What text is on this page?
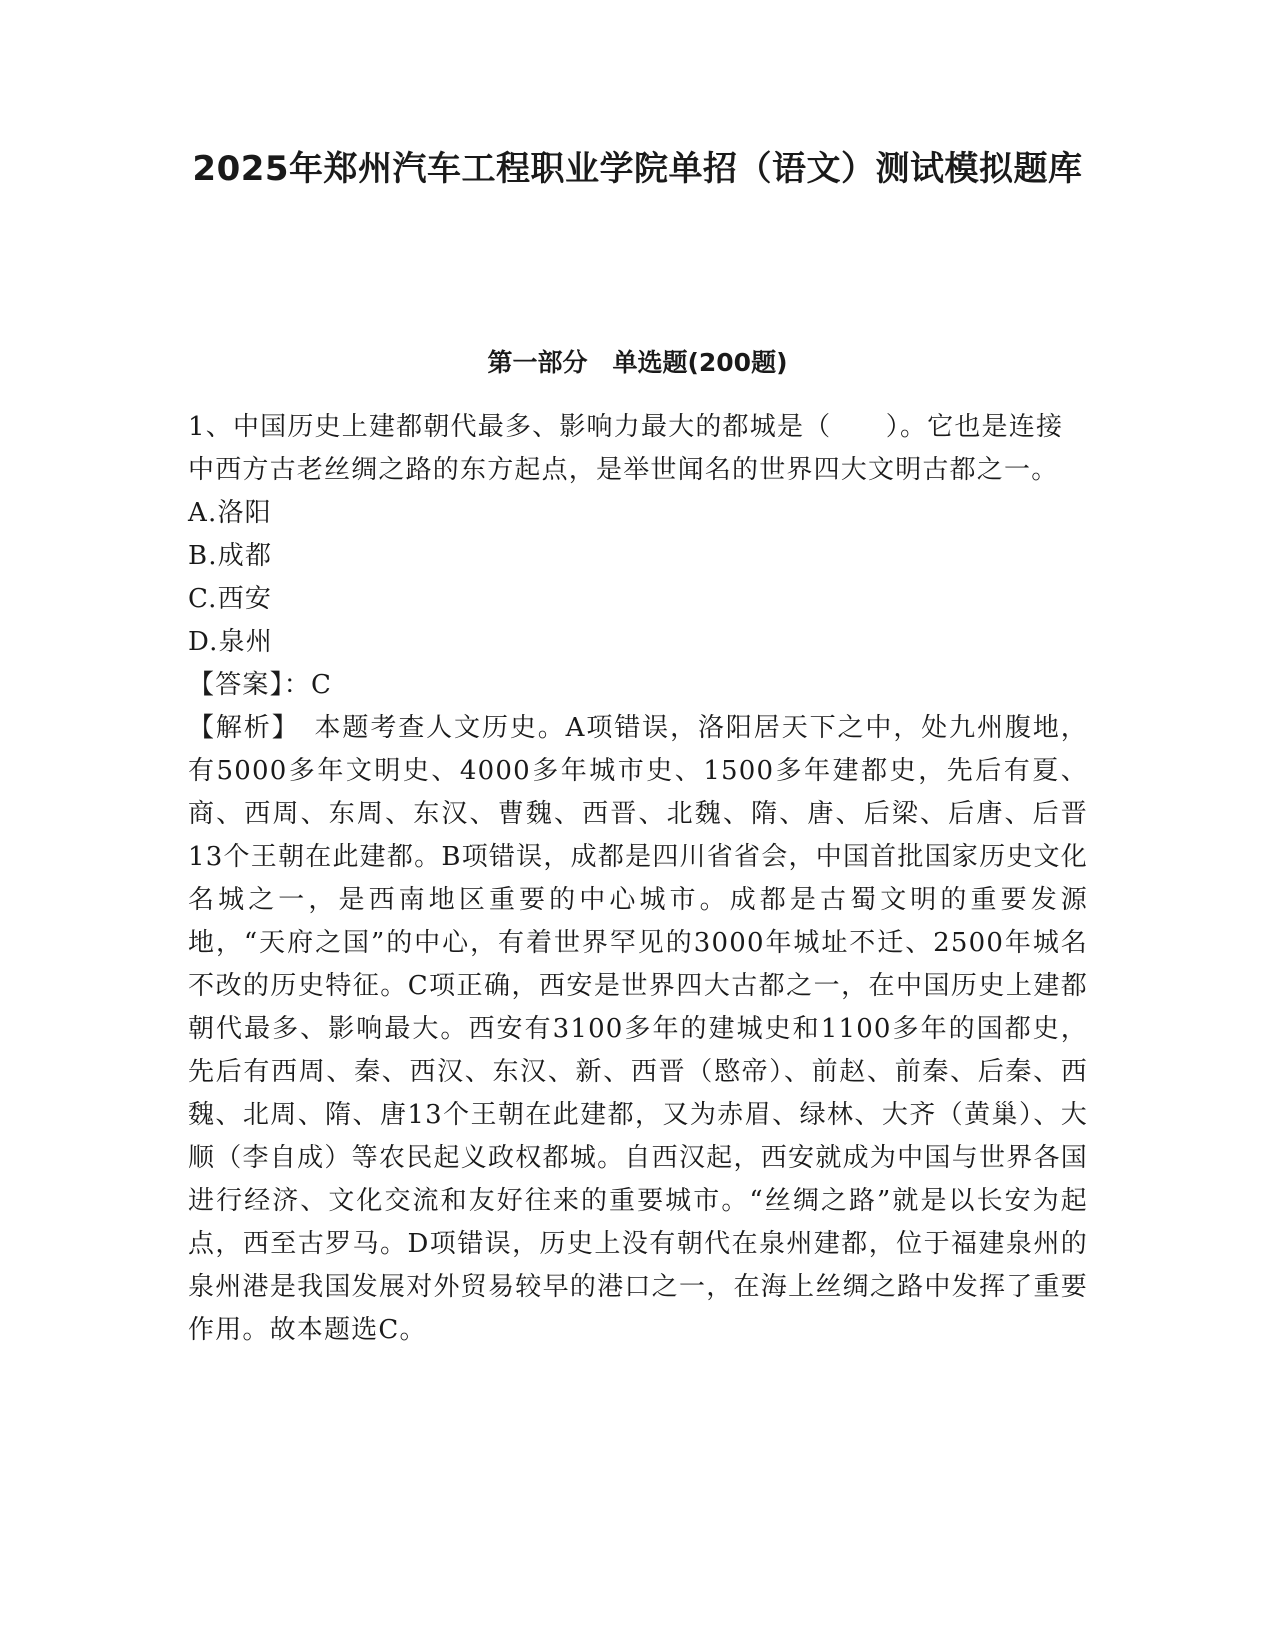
2025年郑州汽车工程职业学院单招（语文）测试模拟题库
第一部分　单选题(200题)

1、中国历史上建都朝代最多、影响力最大的都城是（　　）。它也是连接中西方古老丝绸之路的东方起点，是举世闻名的世界四大文明古都之一。

A.洛阳

B.成都

C.西安

D.泉州

【答案】：C

【解析】　本题考查人文历史。A项错误，洛阳居天下之中，处九州腹地，有5000多年文明史、4000多年城市史、1500多年建都史，先后有夏、商、西周、东周、东汉、曹魏、西晋、北魏、隋、唐、后梁、后唐、后晋13个王朝在此建都。B项错误，成都是四川省省会，中国首批国家历史文化名城之一，是西南地区重要的中心城市。成都是古蜀文明的重要发源地，“天府之国”的中心，有着世界罕见的3000年城址不迁、2500年城名不改的历史特征。C项正确，西安是世界四大古都之一，在中国历史上建都朝代最多、影响最大。西安有3100多年的建城史和1100多年的国都史，先后有西周、秦、西汉、东汉、新、西晋（愍帝）、前赵、前秦、后秦、西魏、北周、隋、唐13个王朝在此建都，又为赤眉、绿林、大齐（黄巢）、大顺（李自成）等农民起义政权都城。自西汉起，西安就成为中国与世界各国进行经济、文化交流和友好往来的重要城市。“丝绸之路”就是以长安为起点，西至古罗马。D项错误，历史上没有朝代在泉州建都，位于福建泉州的泉州港是我国发展对外贸易较早的港口之一，在海上丝绸之路中发挥了重要作用。故本题选C。
